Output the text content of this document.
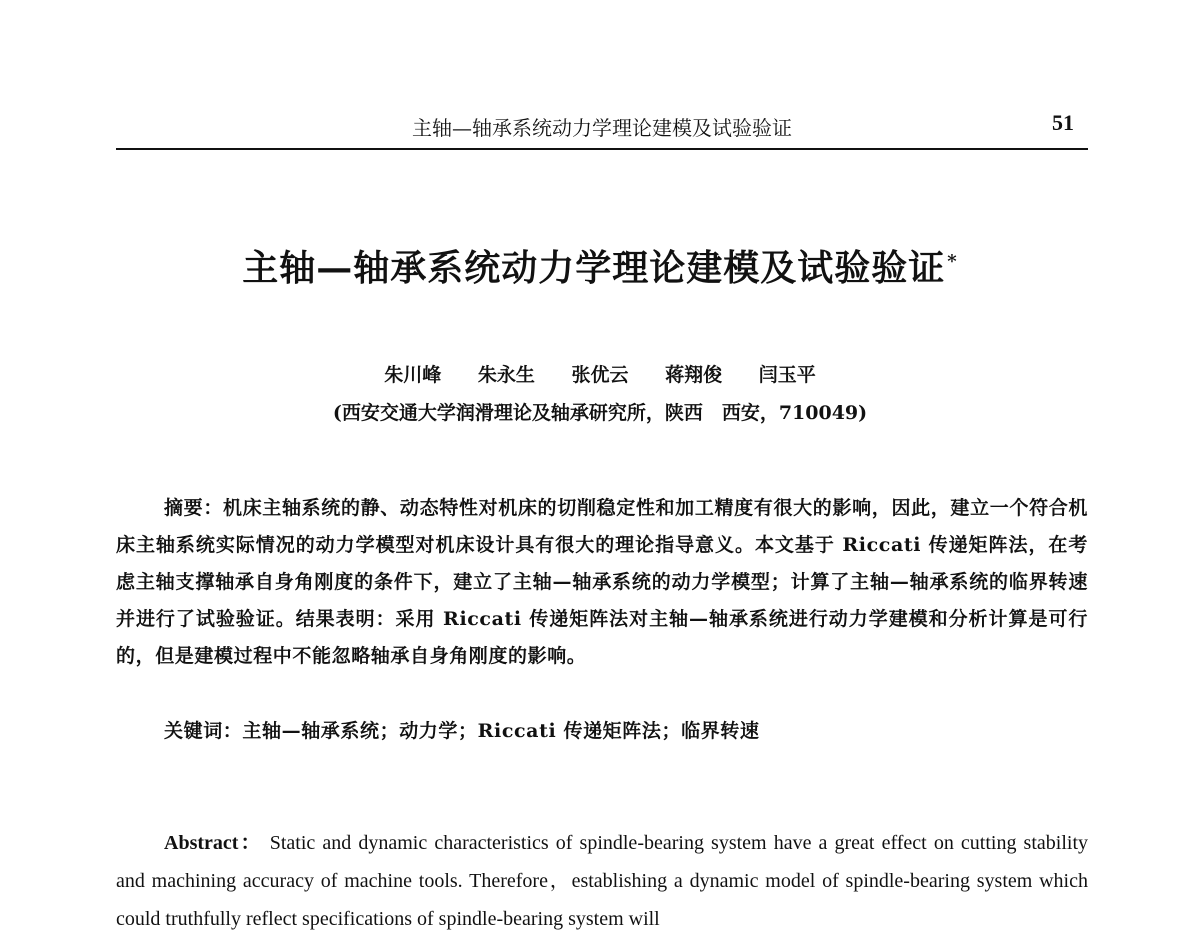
主轴—轴承系统动力学理论建模及试验验证	51
主轴—轴承系统动力学理论建模及试验验证 *
朱川峰 朱永生 张优云 蒋翔俊 闫玉平
(西安交通大学润滑理论及轴承研究所，陕西　西安，710049)
摘要：机床主轴系统的静、动态特性对机床的切削稳定性和加工精度有很大的影响，因此，建立一个符合机床主轴系统实际情况的动力学模型对机床设计具有很大的理论指导意义。本文基于 Riccati 传递矩阵法，在考虑主轴支撑轴承自身角刚度的条件下，建立了主轴—轴承系统的动力学模型；计算了主轴—轴承系统的临界转速并进行了试验验证。结果表明：采用 Riccati 传递矩阵法对主轴—轴承系统进行动力学建模和分析计算是可行的，但是建模过程中不能忽略轴承自身角刚度的影响。
关键词：主轴—轴承系统；动力学；Riccati 传递矩阵法；临界转速
Abstract： Static and dynamic characteristics of spindle-bearing system have a great effect on cutting stability and machining accuracy of machine tools. Therefore，establishing a dynamic model of spindle-bearing system which could truthfully reflect specifications of spindle-bearing system will
